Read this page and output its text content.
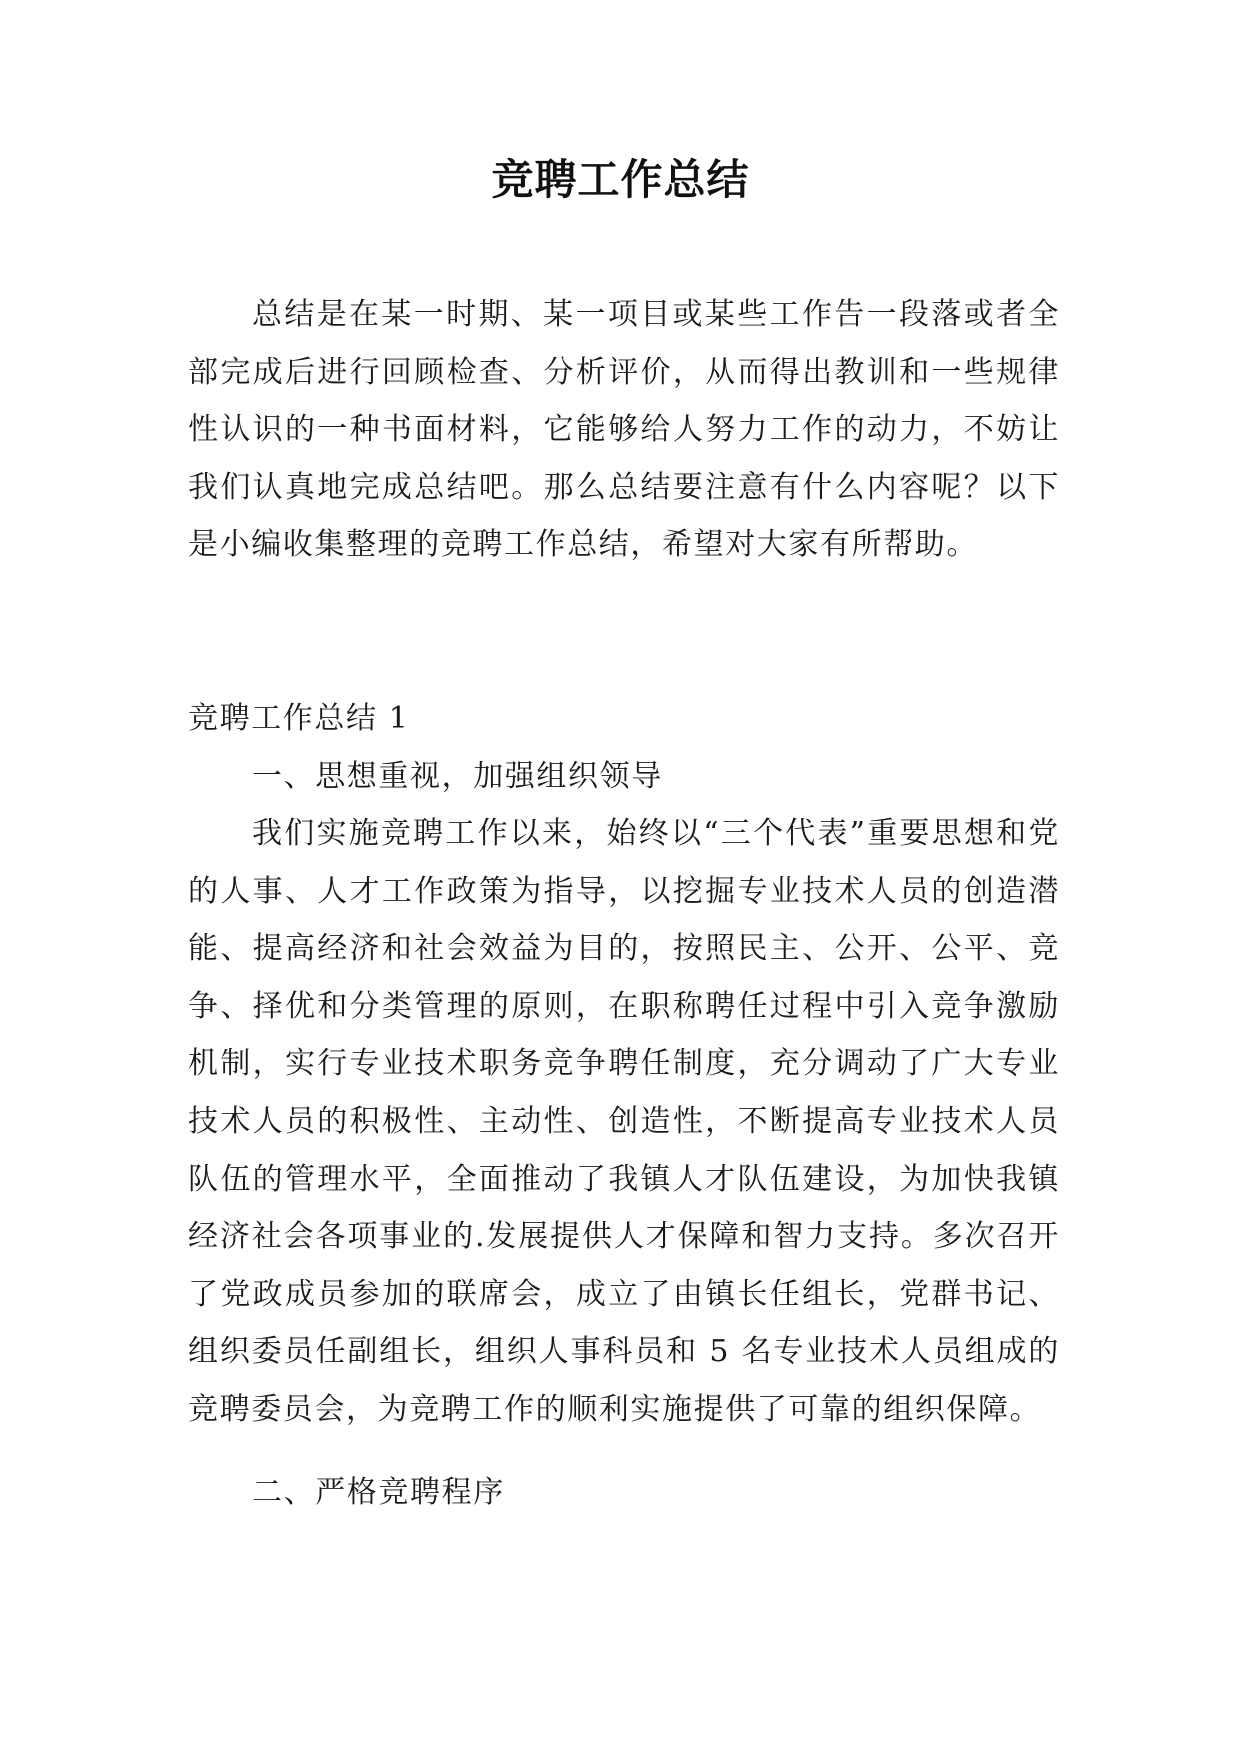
竞聘工作总结

总结是在某一时期、某一项目或某些工作告一段落或者全部完成后进行回顾检查、分析评价，从而得出教训和一些规律性认识的一种书面材料，它能够给人努力工作的动力，不妨让我们认真地完成总结吧。那么总结要注意有什么内容呢？以下是小编收集整理的竞聘工作总结，希望对大家有所帮助。

竞聘工作总结 1
一、思想重视，加强组织领导

我们实施竞聘工作以来，始终以“三个代表”重要思想和党的人事、人才工作政策为指导，以挖掘专业技术人员的创造潜能、提高经济和社会效益为目的，按照民主、公开、公平、竞争、择优和分类管理的原则，在职称聘任过程中引入竞争激励机制，实行专业技术职务竞争聘任制度，充分调动了广大专业技术人员的积极性、主动性、创造性，不断提高专业技术人员队伍的管理水平，全面推动了我镇人才队伍建设，为加快我镇经济社会各项事业的.发展提供人才保障和智力支持。多次召开了党政成员参加的联席会，成立了由镇长任组长，党群书记、组织委员任副组长，组织人事科员和 5 名专业技术人员组成的竞聘委员会，为竞聘工作的顺利实施提供了可靠的组织保障。

二、严格竞聘程序
